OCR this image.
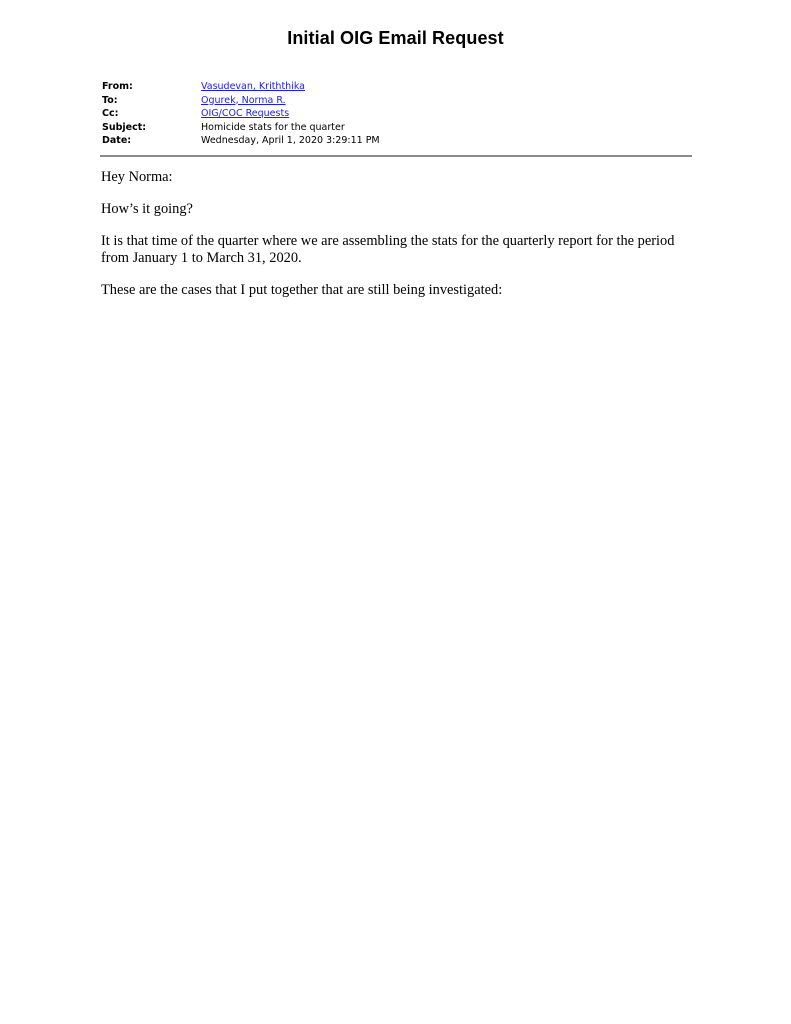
Initial OIG Email Request
From:	Vasudevan, Kriththika
To:	Ogurek, Norma R.
Cc:	OIG/COC Requests
Subject:	Homicide stats for the quarter
Date:	Wednesday, April 1, 2020 3:29:11 PM

Hey Norma:

How’s it going?

It is that time of the quarter where we are assembling the stats for the quarterly report for the period from January 1 to March 31, 2020.

These are the cases that I put together that are still being investigated:
